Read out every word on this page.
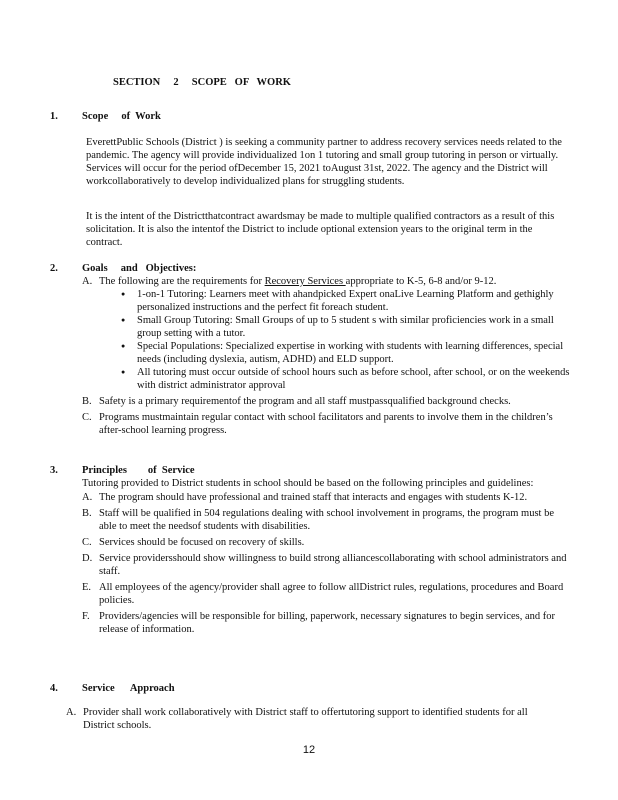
SECTION     2     SCOPE   OF   WORK
1. Scope     of  Work
EverettPublic Schools (District ) is seeking a community partner to address recovery services needs related to the pandemic. The agency will provide individualized 1on 1 tutoring and small group tutoring in person or virtually. Services will occur for the period ofDecember 15, 2021 toAugust 31st, 2022. The agency and the District will workcollaboratively to develop individualized plans for struggling students.
It is the intent of the Districtthatcontract awardsmay be made to multiple qualified contractors as a result of this solicitation. It is also the intentof the District to include optional extension years to the original term in the contract.
2. Goals     and   Objectives:
A. The following are the requirements for Recovery Services appropriate to K-5, 6-8 and/or 9-12.
● 1-on-1 Tutoring: Learners meet with ahandpicked Expert onaLive Learning Platform and gethighly personalized instructions and the perfect fit foreach student.
● Small Group Tutoring: Small Groups of up to 5 student s with similar proficiencies work in a small group setting with a tutor.
● Special Populations: Specialized expertise in working with students with learning differences, special needs (including dyslexia, autism, ADHD) and ELD support.
● All tutoring must occur outside of school hours such as before school, after school, or on the weekends with district administrator approval
B. Safety is a primary requirementof the program and all staff mustpassqualified background checks.
C. Programs mustmaintain regular contact with school facilitators and parents to involve them in the children’s after-school learning progress.
3. Principles        of  Service
Tutoring provided to District students in school should be based on the following principles and guidelines:
A. The program should have professional and trained staff that interacts and engages with students K-12.
B. Staff will be qualified in 504 regulations dealing with school involvement in programs, the program must be able to meet the needsof students with disabilities.
C. Services should be focused on recovery of skills.
D. Service providersshould show willingness to build strong alliancescollaborating with school administrators and staff.
E. All employees of the agency/provider shall agree to follow allDistrict rules, regulations, procedures and Board policies.
F. Providers/agencies will be responsible for billing, paperwork, necessary signatures to begin services, and for release of information.
4. Service      Approach
A. Provider shall work collaboratively with District staff to offertutoring support to identified students for all District schools.
12
